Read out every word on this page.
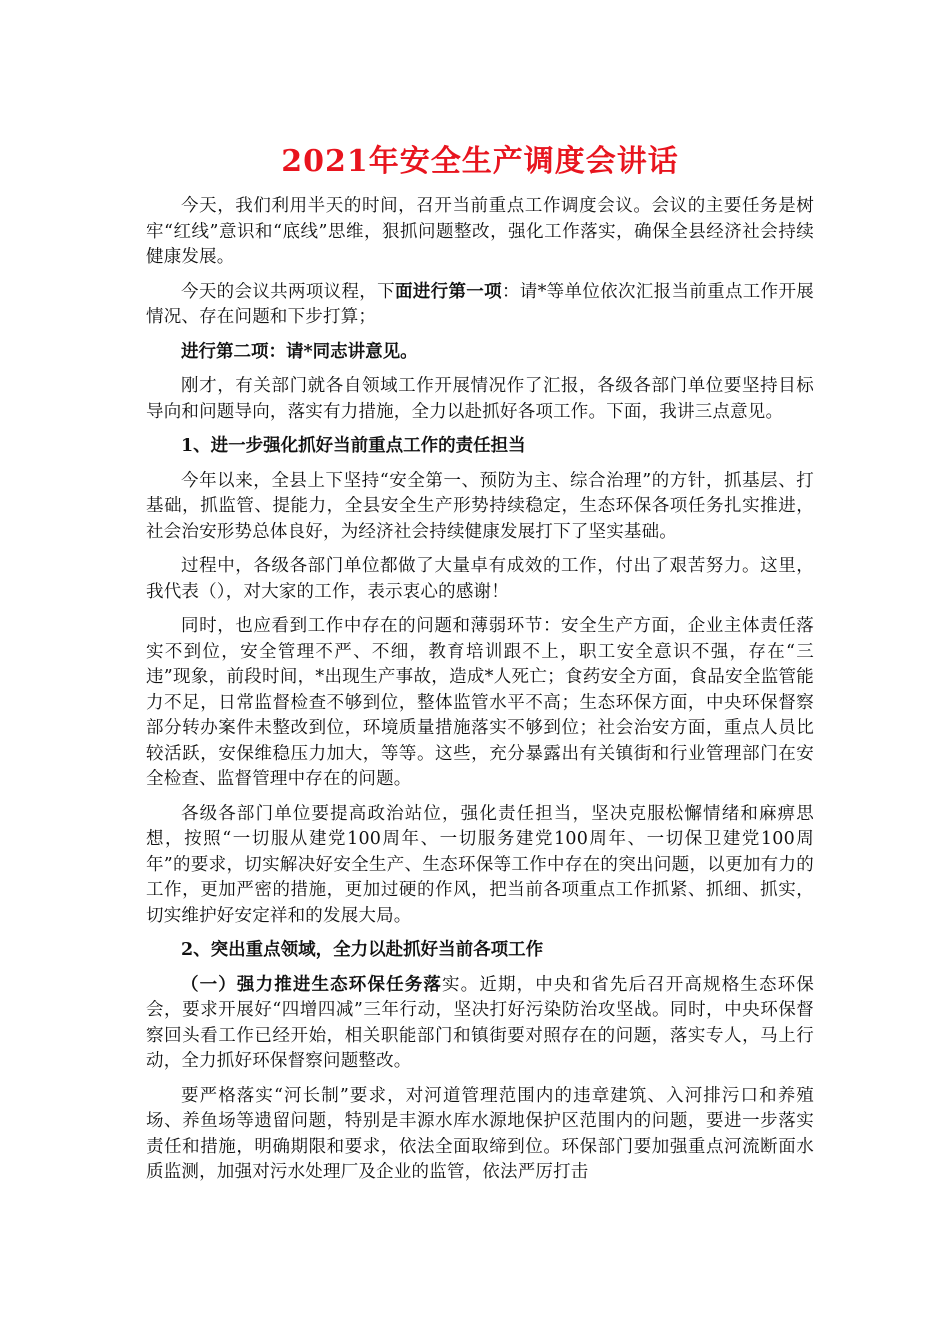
2021年安全生产调度会讲话

今天，我们利用半天的时间，召开当前重点工作调度会议。会议的主要任务是树牢“红线”意识和“底线”思维，狠抓问题整改，强化工作落实，确保全县经济社会持续健康发展。

今天的会议共两项议程，下面进行第一项：请*等单位依次汇报当前重点工作开展情况、存在问题和下步打算；

进行第二项：请*同志讲意见。

刚才，有关部门就各自领域工作开展情况作了汇报，各级各部门单位要坚持目标导向和问题导向，落实有力措施，全力以赴抓好各项工作。下面，我讲三点意见。

1、进一步强化抓好当前重点工作的责任担当

今年以来，全县上下坚持“安全第一、预防为主、综合治理”的方针，抓基层、打基础，抓监管、提能力，全县安全生产形势持续稳定，生态环保各项任务扎实推进，社会治安形势总体良好，为经济社会持续健康发展打下了坚实基础。

过程中，各级各部门单位都做了大量卓有成效的工作，付出了艰苦努力。这里，我代表（），对大家的工作，表示衷心的感谢！

同时，也应看到工作中存在的问题和薄弱环节：安全生产方面，企业主体责任落实不到位，安全管理不严、不细，教育培训跟不上，职工安全意识不强，存在“三违”现象，前段时间，*出现生产事故，造成*人死亡；食药安全方面，食品安全监管能力不足，日常监督检查不够到位，整体监管水平不高；生态环保方面，中央环保督察部分转办案件未整改到位，环境质量措施落实不够到位；社会治安方面，重点人员比较活跃，安保维稳压力加大，等等。这些，充分暴露出有关镇街和行业管理部门在安全检查、监督管理中存在的问题。

各级各部门单位要提高政治站位，强化责任担当，坚决克服松懈情绪和麻痹思想，按照“一切服从建党100周年、一切服务建党100周年、一切保卫建党100周年”的要求，切实解决好安全生产、生态环保等工作中存在的突出问题，以更加有力的工作，更加严密的措施，更加过硬的作风，把当前各项重点工作抓紧、抓细、抓实，切实维护好安定祥和的发展大局。

2、突出重点领域，全力以赴抓好当前各项工作

（一）强力推进生态环保任务落实。近期，中央和省先后召开高规格生态环保会，要求开展好“四增四减”三年行动，坚决打好污染防治攻坚战。同时，中央环保督察回头看工作已经开始，相关职能部门和镇街要对照存在的问题，落实专人，马上行动，全力抓好环保督察问题整改。

要严格落实“河长制”要求，对河道管理范围内的违章建筑、入河排污口和养殖场、养鱼场等遗留问题，特别是丰源水库水源地保护区范围内的问题，要进一步落实责任和措施，明确期限和要求，依法全面取缔到位。环保部门要加强重点河流断面水质监测，加强对污水处理厂及企业的监管，依法严厉打击
